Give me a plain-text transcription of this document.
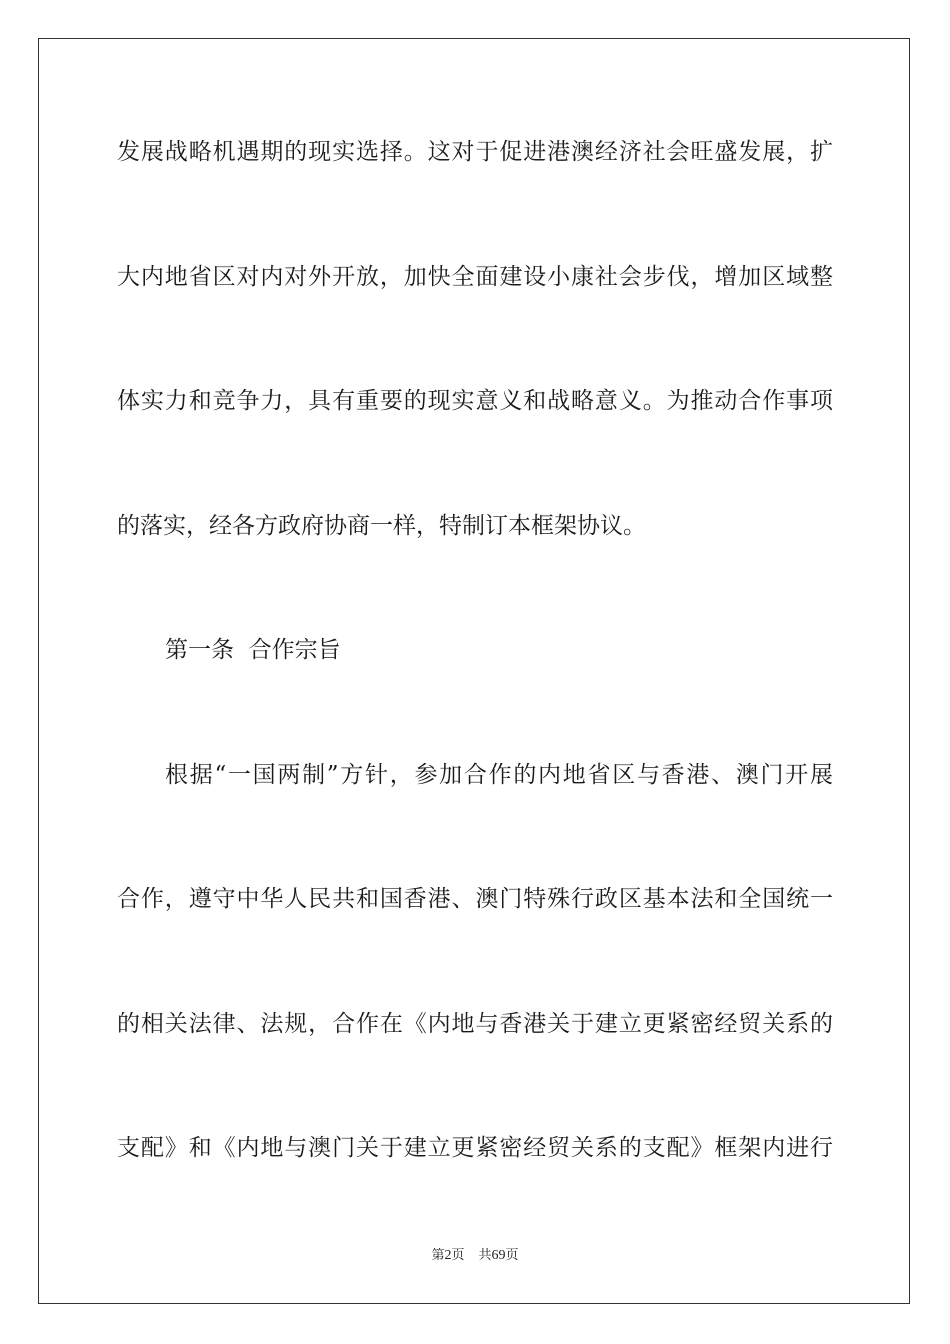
发展战略机遇期的现实选择。这对于促进港澳经济社会旺盛发展，扩
大内地省区对内对外开放，加快全面建设小康社会步伐，增加区域整
体实力和竞争力，具有重要的现实意义和战略意义。为推动合作事项
的落实，经各方政府协商一样，特制订本框架协议。
第一条  合作宗旨
根据“一国两制”方针，参加合作的内地省区与香港、澳门开展
合作，遵守中华人民共和国香港、澳门特殊行政区基本法和全国统一
的相关法律、法规，合作在《内地与香港关于建立更紧密经贸关系的
支配》和《内地与澳门关于建立更紧密经贸关系的支配》框架内进行
第2页 共69页
